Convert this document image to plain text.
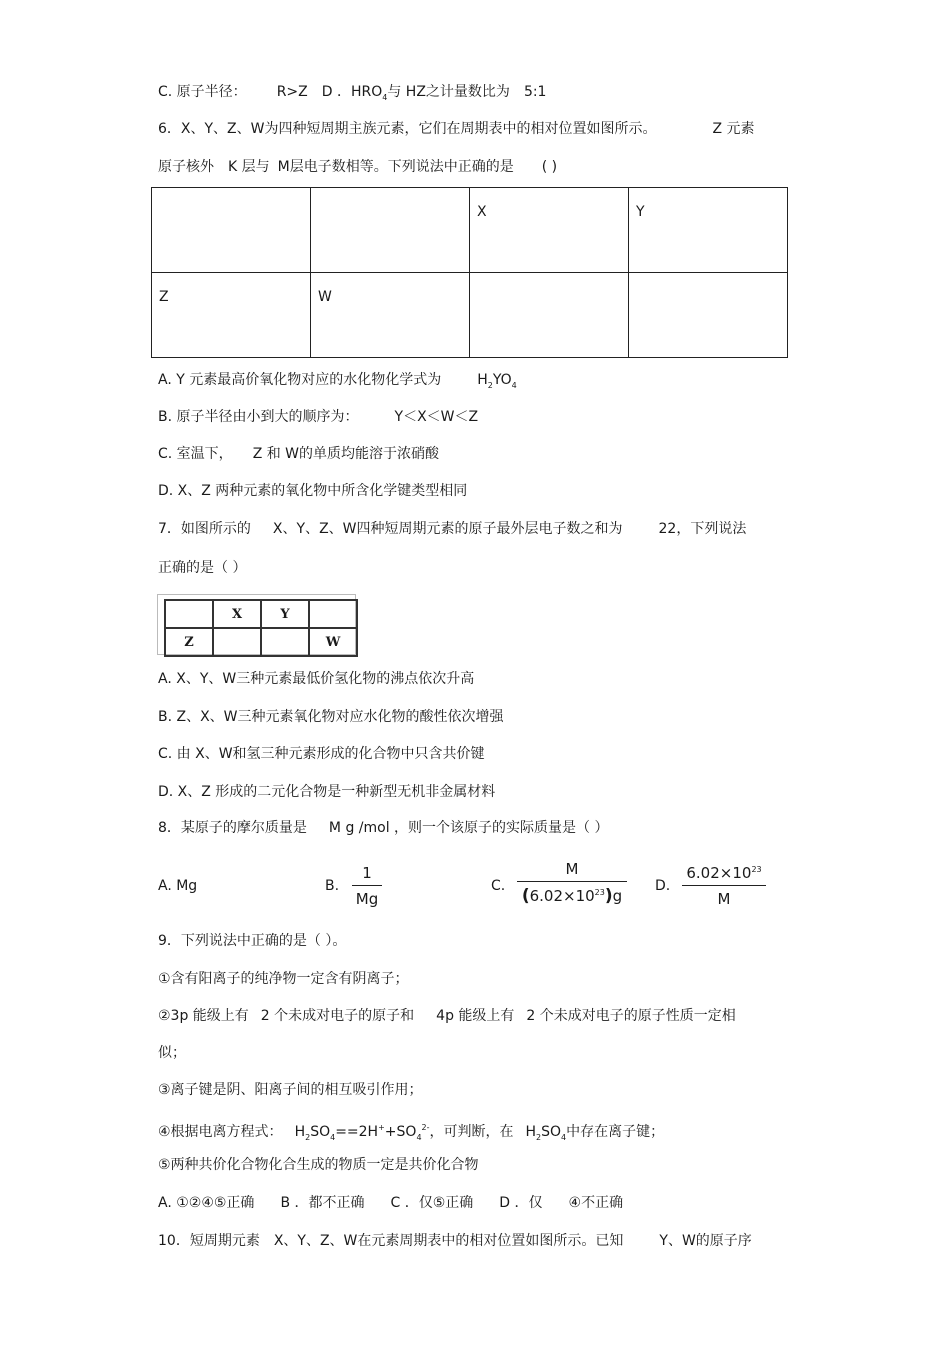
C. 原子半径： R>Z D ．$HRO_4$与 HZ之计量数比为 5:1
6．X、Y、Z、W为四种短周期主族元素，它们在周期表中的相对位置如图所示。	Z 元素
原子核外 K 层与 M层电子数相等。下列说法中正确的是 ( )
		X	Y
Z	W		
A. Y 元素最高价氧化物对应的水化物化学式为	$H_2YO_4$
B. 原子半径由小到大的顺序为：	Y＜X＜W＜Z
C. 室温下， Z 和 W的单质均能溶于浓硝酸
D. X、Z 两种元素的氧化物中所含化学键类型相同
7．如图所示的 X、Y、Z、W四种短周期元素的原子最外层电子数之和为	22，下列说法
正确的是（ ）
	X	Y	
Z			W
A. X、Y、W三种元素最低价氢化物的沸点依次升高
B. Z、X、W三种元素氧化物对应水化物的酸性依次增强
C. 由 X、W和氢三种元素形成的化合物中只含共价键
D. X、Z 形成的二元化合物是一种新型无机非金属材料
8．某原子的摩尔质量是 M g /mol ，则一个该原子的实际质量是（ ）
A. Mg	B.
1
Mg
C.
M
$(6.02\times 10^{23})g$
D.
$6.02\times 10^{23}$
M
9．下列说法中正确的是（ ）。
①含有阳离子的纯净物一定含有阴离子；
②3p 能级上有 2 个未成对电子的原子和 4p 能级上有 2 个未成对电子的原子性质一定相
似；
③离子键是阴、阳离子间的相互吸引作用；
④根据电离方程式： $H_2SO_4==2H^++SO_4^{2-}$，可判断，在 $H_2SO_4$中存在离子键；
⑤两种共价化合物化合生成的物质一定是共价化合物
A. ①②④⑤正确 B ．都不正确 C ．仅⑤正确 D ．仅 ④不正确
10．短周期元素 X、Y、Z、W在元素周期表中的相对位置如图所示。已知	Y、W的原子序
